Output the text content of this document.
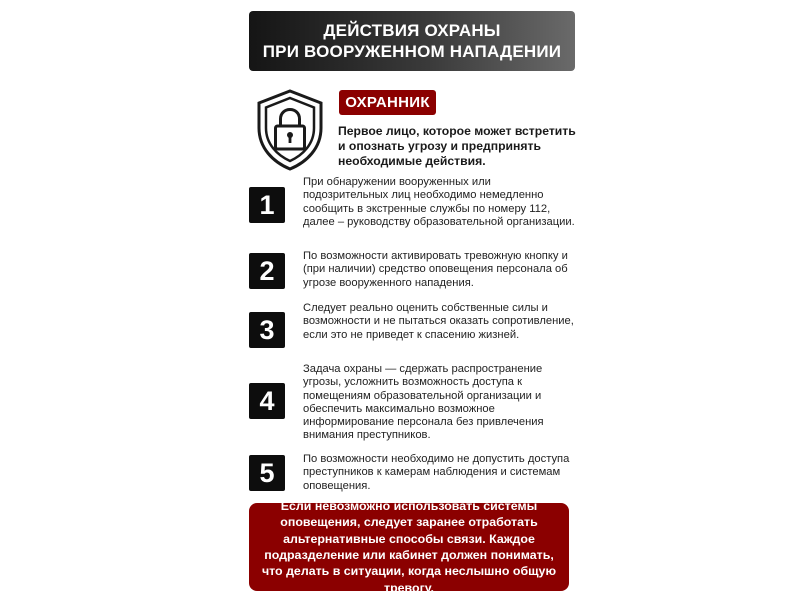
ДЕЙСТВИЯ ОХРАНЫ
ПРИ ВООРУЖЕННОМ НАПАДЕНИИ
ОХРАННИК
Первое лицо, которое может встретить и опознать угрозу и предпринять необходимые действия.
1
При обнаружении вооруженных или подозрительных лиц необходимо немедленно сообщить в экстренные службы по номеру 112, далее – руководству образовательной организации.
2	По возможности активировать тревожную кнопку и (при наличии) средство оповещения персонала об угрозе вооруженного нападения.
3
Следует реально оценить собственные силы и возможности и не пытаться оказать сопротивление, если это не приведет к спасению жизней.
4
Задача охраны — сдержать распространение угрозы, усложнить возможность доступа к помещениям образовательной организации и обеспечить максимально возможное информирование персонала без привлечения внимания преступников.
5	По возможности необходимо не допустить доступа преступников к камерам наблюдения и системам оповещения.
Если невозможно использовать системы оповещения, следует заранее отработать альтернативные способы связи. Каждое подразделение или кабинет должен понимать, что делать в ситуации, когда неслышно общую тревогу.
